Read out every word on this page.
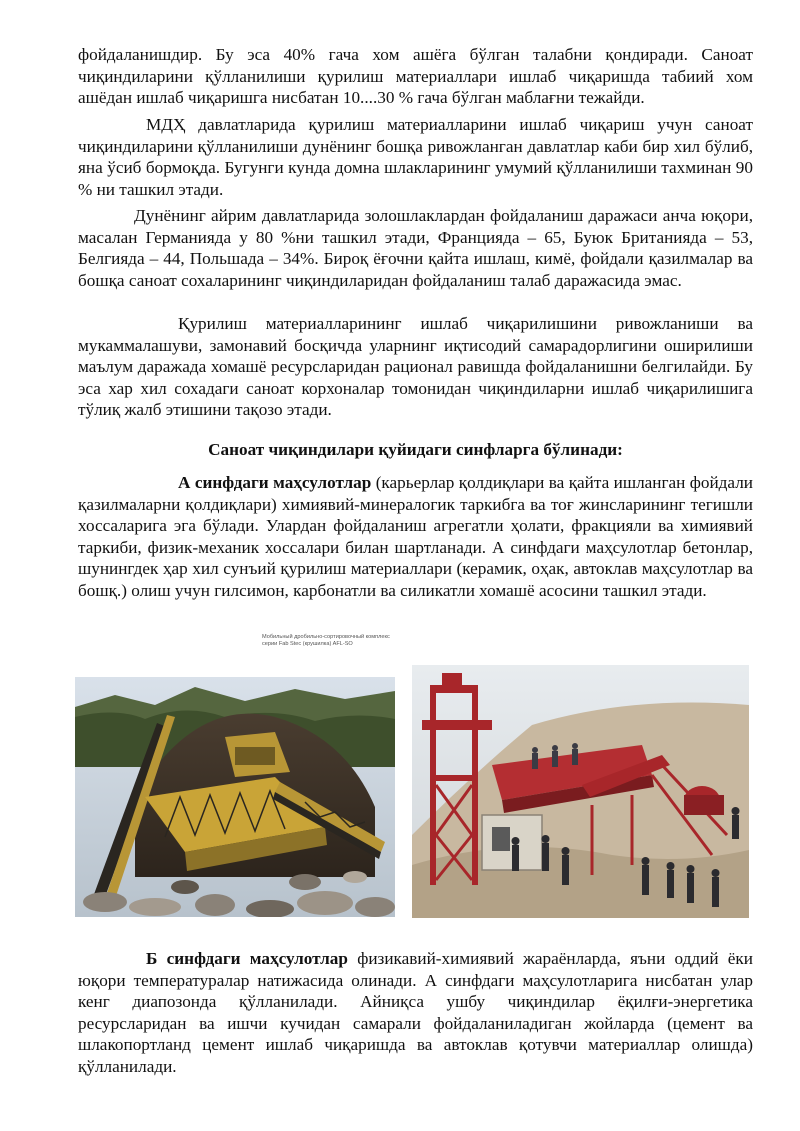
фойдаланишдир. Бу эса 40% гача хом ашёга бўлган талабни қондиради. Саноат чиқиндиларини қўлланилиши қурилиш материаллари ишлаб чиқаришда табиий хом ашёдан ишлаб чиқаришга нисбатан 10....30 % гача бўлган маблағни тежайди.

МДҲ давлатларида қурилиш материалларини ишлаб чиқариш учун саноат чиқиндиларини қўлланилиши дунёнинг бошқа ривожланган давлатлар каби бир хил бўлиб, яна ўсиб бормоқда. Бугунги кунда домна шлакларининг умумий қўлланилиши тахминан 90 % ни ташкил этади.

Дунёнинг айрим давлатларида золошлаклардан фойдаланиш даражаси анча юқори, масалан Германияда у 80 %ни ташкил этади, Францияда – 65, Буюк Британияда – 53, Белгияда – 44, Польшада – 34%. Бироқ ёғочни қайта ишлаш, кимё, фойдали қазилмалар ва бошқа саноат сохаларининг чиқиндиларидан фойдаланиш талаб даражасида эмас.

Қурилиш материалларининг ишлаб чиқарилишини ривожланиши ва мукаммалашуви, замонавий босқичда уларнинг иқтисодий самарадорлигини оширилиши маълум даражада хомашё ресурсларидан рационал равишда фойдаланишни белгилайди. Бу эса хар хил сохадаги саноат корхоналар томонидан чиқиндиларни ишлаб чиқарилишига тўлиқ жалб этишини тақозо этади.

Саноат чиқиндилари қуйидаги синфларга бўлинади:

А синфдаги маҳсулотлар (карьерлар қолдиқлари ва қайта ишланган фойдали қазилмаларни қолдиқлари) химиявий-минералогик таркибга ва тоғ жинсларининг тегишли хоссаларига эга бўлади. Улардан фойдаланиш агрегатли ҳолати, фракцияли ва химиявий таркиби, физик-механик хоссалари билан шартланади. А синфдаги маҳсулотлар бетонлар, шунингдек ҳар хил сунъий қурилиш материаллари (керамик, оҳак, автоклав маҳсулотлар ва бошқ.) олиш учун гилсимон, карбонатли ва силикатли хомашё асосини ташкил этади.

Мобильный дробильно-сортировочный комплекс
серии Fab Stec (крушилка) AFL-SO

Б синфдаги маҳсулотлар физикавий-химиявий жараёнларда, яъни оддий ёки юқори температуралар натижасида олинади. А синфдаги маҳсулотларига нисбатан улар кенг диапозонда қўлланилади. Айниқса ушбу чиқиндилар ёқилғи-энергетика ресурсларидан ва ишчи кучидан самарали фойдаланиладиган жойларда (цемент ва шлакопортланд цемент ишлаб чиқаришда ва автоклав қотувчи материаллар олишда) қўлланилади.
